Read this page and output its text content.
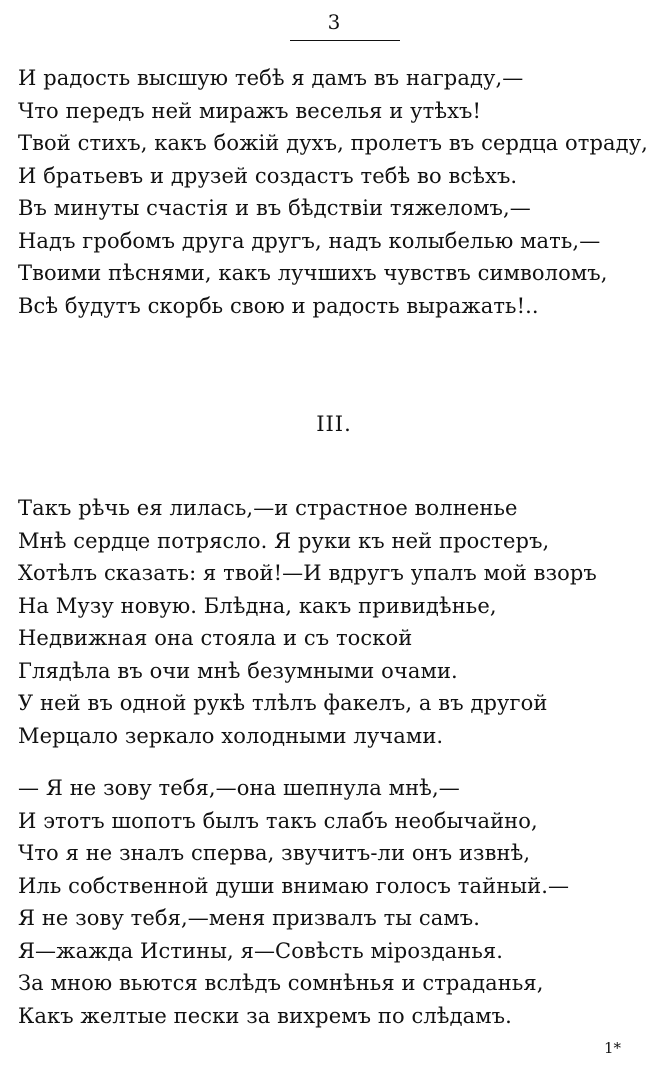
3
И радость высшую тебѣ я дамъ въ награду,—
Что передъ ней миражъ веселья и утѣхъ!
Твой стихъ, какъ божій духъ, пролетъ въ сердца отраду,
И братьевъ и друзей создастъ тебѣ во всѣхъ.
Въ минуты счастія и въ бѣдствіи тяжеломъ,—
Надъ гробомъ друга другъ, надъ колыбелью мать,—
Твоими пѣснями, какъ лучшихъ чувствъ символомъ,
Всѣ будутъ скорбь свою и радость выражать!..
III.
Такъ рѣчь ея лилась,—и страстное волненье
Мнѣ сердце потрясло. Я руки къ ней простеръ,
Хотѣлъ сказать: я твой!—И вдругъ упалъ мой взоръ
На Музу новую. Блѣдна, какъ привидѣнье,
Недвижная она стояла и съ тоской
Глядѣла въ очи мнѣ безумными очами.
У ней въ одной рукѣ тлѣлъ факелъ, а въ другой
Мерцало зеркало холодными лучами.
— Я не зову тебя,—она шепнула мнѣ,—
И этотъ шопотъ былъ такъ слабъ необычайно,
Что я не зналъ сперва, звучитъ-ли онъ извнѣ,
Иль собственной души внимаю голосъ тайный.—
Я не зову тебя,—меня призвалъ ты самъ.
Я—жажда Истины, я—Совѣсть мірозданья.
За мною вьются вслѣдъ сомнѣнья и страданья,
Какъ желтые пески за вихремъ по слѣдамъ.
1*
